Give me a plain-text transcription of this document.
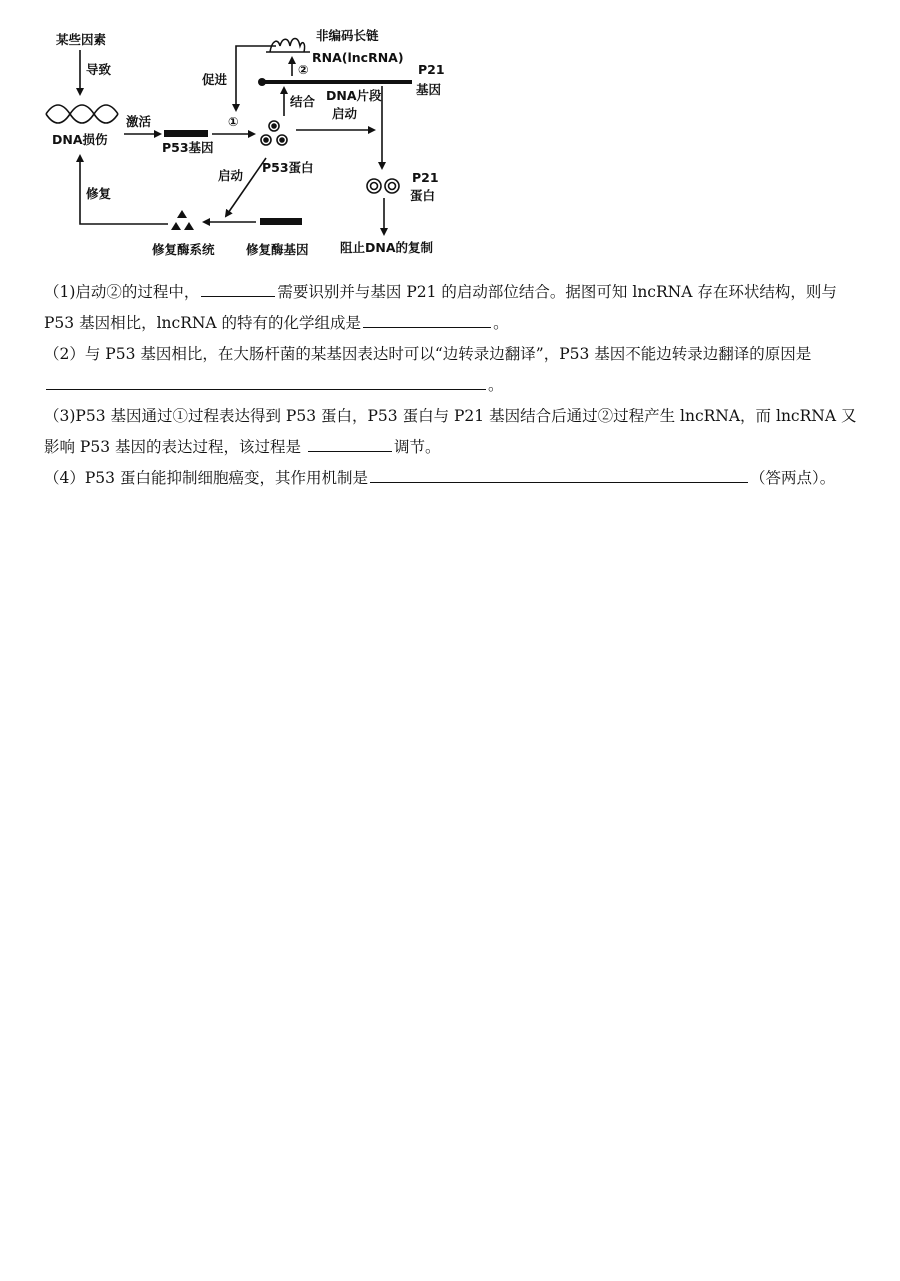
某些因素
导致
DNA损伤
激活
P53基因
①
P53蛋白
促进
非编码长链
RNA(lncRNA)
②	P21
基因
结合 DNA片段
启动
P21
蛋白
阻止DNA的复制
启动
修复酶基因
修复酶系统
修复
（1)启动②的过程中，	需要识别并与基因 P21 的启动部位结合。据图可知 lncRNA 存在环状结构，则与 P53 基因相比，lncRNA 的特有的化学组成是	。
（2）与 P53 基因相比，在大肠杆菌的某基因表达时可以“边转录边翻译”，P53 基因不能边转录边翻译的原因是。
（3)P53 基因通过①过程表达得到 P53 蛋白，P53 蛋白与 P21 基因结合后通过②过程产生 lncRNA，而 lncRNA 又影响 P53 基因的表达过程，该过程是	调节。
（4）P53 蛋白能抑制细胞癌变，其作用机制是	（答两点）。
